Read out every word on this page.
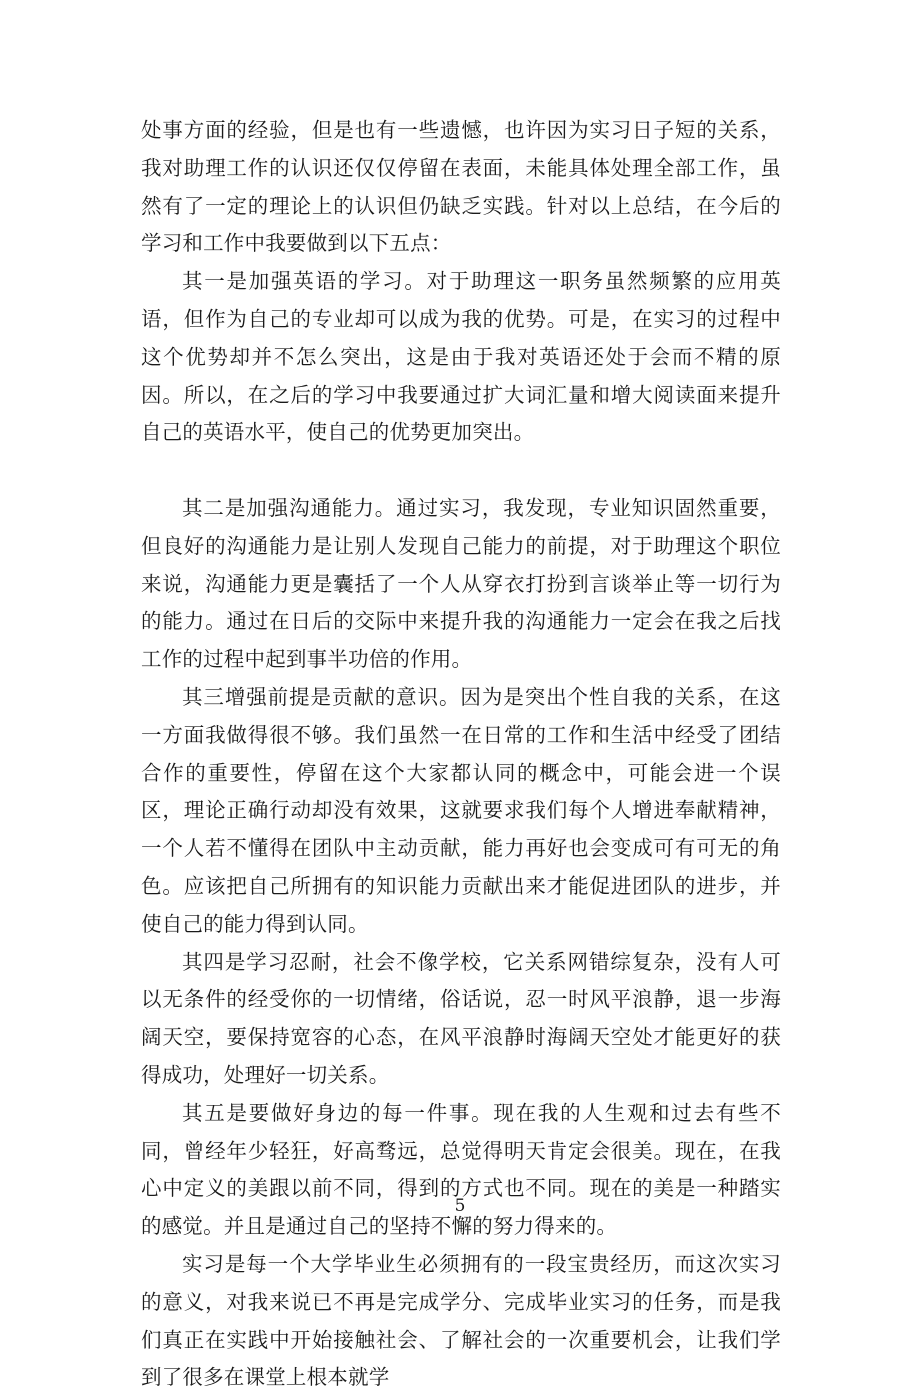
处事方面的经验，但是也有一些遗憾，也许因为实习日子短的关系，我对助理工作的认识还仅仅停留在表面，未能具体处理全部工作，虽然有了一定的理论上的认识但仍缺乏实践。针对以上总结，在今后的学习和工作中我要做到以下五点：

其一是加强英语的学习。对于助理这一职务虽然频繁的应用英语，但作为自己的专业却可以成为我的优势。可是，在实习的过程中这个优势却并不怎么突出，这是由于我对英语还处于会而不精的原因。所以，在之后的学习中我要通过扩大词汇量和增大阅读面来提升自己的英语水平，使自己的优势更加突出。

其二是加强沟通能力。通过实习，我发现，专业知识固然重要，但良好的沟通能力是让别人发现自己能力的前提，对于助理这个职位来说，沟通能力更是囊括了一个人从穿衣打扮到言谈举止等一切行为的能力。通过在日后的交际中来提升我的沟通能力一定会在我之后找工作的过程中起到事半功倍的作用。

其三增强前提是贡献的意识。因为是突出个性自我的关系，在这一方面我做得很不够。我们虽然一在日常的工作和生活中经受了团结合作的重要性，停留在这个大家都认同的概念中，可能会进一个误区，理论正确行动却没有效果，这就要求我们每个人增进奉献精神，一个人若不懂得在团队中主动贡献，能力再好也会变成可有可无的角色。应该把自己所拥有的知识能力贡献出来才能促进团队的进步，并使自己的能力得到认同。

其四是学习忍耐，社会不像学校，它关系网错综复杂，没有人可以无条件的经受你的一切情绪，俗话说，忍一时风平浪静，退一步海阔天空，要保持宽容的心态，在风平浪静时海阔天空处才能更好的获得成功，处理好一切关系。

其五是要做好身边的每一件事。现在我的人生观和过去有些不同，曾经年少轻狂，好高骛远，总觉得明天肯定会很美。现在，在我心中定义的美跟以前不同，得到的方式也不同。现在的美是一种踏实的感觉。并且是通过自己的坚持不懈的努力得来的。

实习是每一个大学毕业生必须拥有的一段宝贵经历，而这次实习的意义，对我来说已不再是完成学分、完成毕业实习的任务，而是我们真正在实践中开始接触社会、了解社会的一次重要机会，让我们学到了很多在课堂上根本就学

5
